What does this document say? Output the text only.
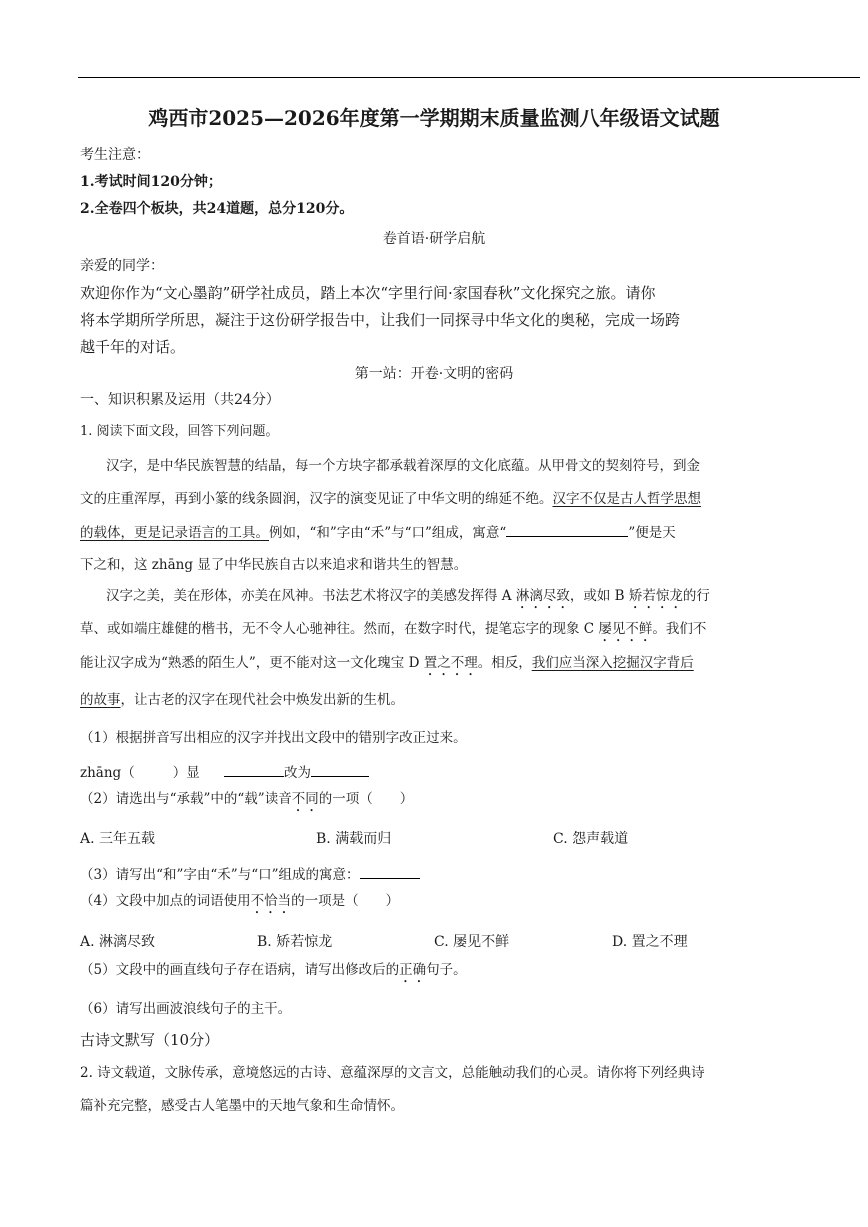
鸡西市2025—2026年度第一学期期末质量监测八年级语文试题
考生注意：
1.考试时间120分钟；
2.全卷四个板块，共24道题，总分120分。
卷首语·研学启航
亲爱的同学：
欢迎你作为“文心墨韵”研学社成员，踏上本次“字里行间·家国春秋”文化探究之旅。请你
将本学期所学所思，凝注于这份研学报告中，让我们一同探寻中华文化的奥秘，完成一场跨
越千年的对话。
第一站：开卷·文明的密码
一、知识积累及运用（共24分）
1. 阅读下面文段，回答下列问题。
汉字，是中华民族智慧的结晶，每一个方块字都承载着深厚的文化底蕴。从甲骨文的契刻符号，到金
文的庄重浑厚，再到小篆的线条圆润，汉字的演变见证了中华文明的绵延不绝。汉字不仅是古人哲学思想
的载体，更是记录语言的工具。例如，“和”字由“禾”与“口”组成，寓意“	”便是天
下之和，这 zhāng 显了中华民族自古以来追求和谐共生的智慧。
汉字之美，美在形体，亦美在风神。书法艺术将汉字的美感发挥得 A 淋漓尽致，或如 B 矫若惊龙的行
草、或如端庄雄健的楷书，无不令人心驰神往。然而，在数字时代，提笔忘字的现象 C 屡见不鲜。我们不
能让汉字成为“熟悉的陌生人”，更不能对这一文化瑰宝 D 置之不理。相反，我们应当深入挖掘汉字背后
的故事，让古老的汉字在现代社会中焕发出新的生机。
（1）根据拼音写出相应的汉字并找出文段中的错别字改正过来。
zhāng（	）显	改为
（2）请选出与“承载”中的“载”读音不同的一项（　　）
A. 三年五载	B. 满载而归	C. 怨声载道
（3）请写出“和”字由“禾”与“口”组成的寓意：
（4）文段中加点的词语使用不恰当的一项是（　　）
A. 淋漓尽致	B. 矫若惊龙	C. 屡见不鲜	D. 置之不理
（5）文段中的画直线句子存在语病，请写出修改后的正确句子。
（6）请写出画波浪线句子的主干。
古诗文默写（10分）
2. 诗文载道，文脉传承，意境悠远的古诗、意蕴深厚的文言文，总能触动我们的心灵。请你将下列经典诗
篇补充完整，感受古人笔墨中的天地气象和生命情怀。
